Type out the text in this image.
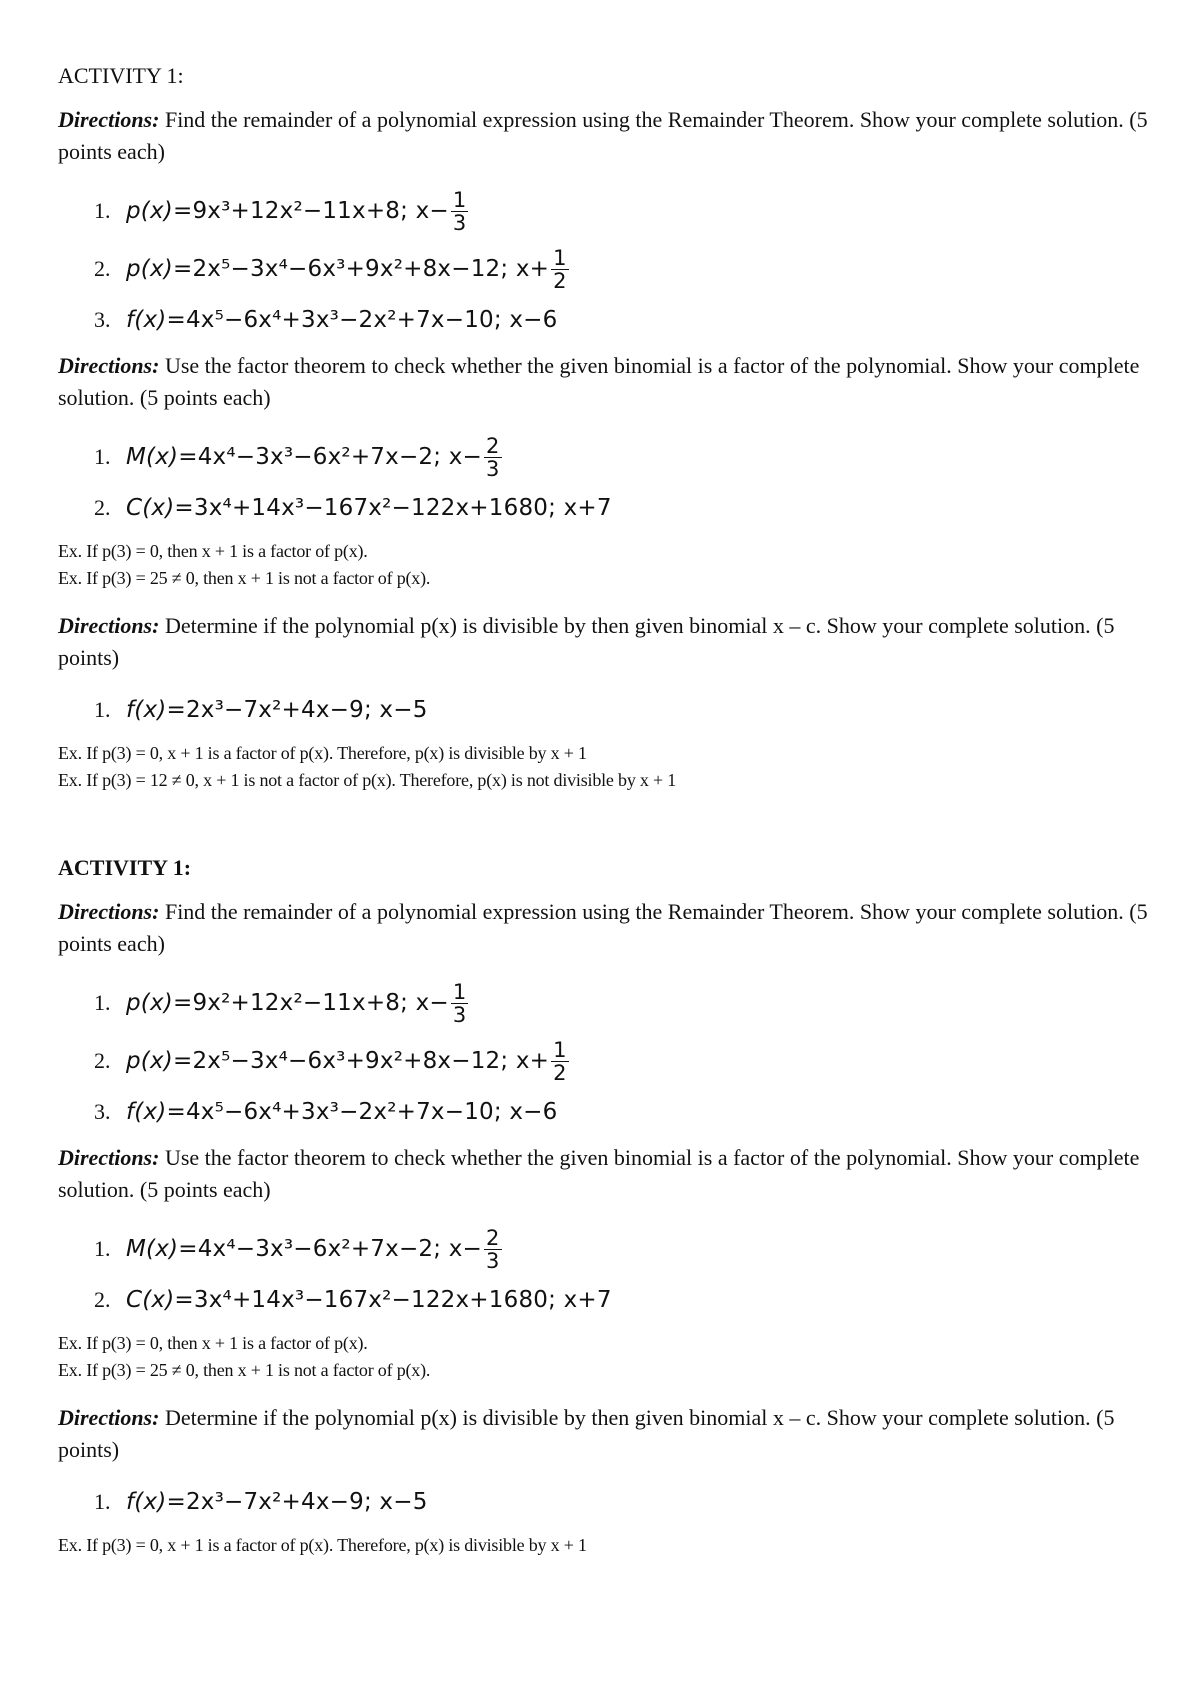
ACTIVITY 1:

Directions: Find the remainder of a polynomial expression using the Remainder Theorem. Show your complete solution. (5 points each)

1. p(x)=9x³+12x²−11x+8; $x- \frac{1}{3}$
2. p(x)=2x⁵−3x⁴−6x³+9x²+8x−12; $x+ \frac{1}{2}$
3. f(x)=4x⁵−6x⁴+3x³−2x²+7x−10; x−6

Directions: Use the factor theorem to check whether the given binomial is a factor of the polynomial. Show your complete solution. (5 points each)

1. M(x)=4x⁴−3x³−6x²+7x−2; $x- \frac{2}{3}$
2. C(x)=3x⁴+14x³−167x²−122x+1680; x+7
Ex. If p(3) = 0, then x + 1 is a factor of p(x).
Ex. If p(3) = 25 ≠ 0, then x + 1 is not a factor of p(x).

Directions: Determine if the polynomial p(x) is divisible by then given binomial x – c. Show your complete solution. (5 points)

1. f(x)=2x³−7x²+4x−9; x−5
Ex. If p(3) = 0, x + 1 is a factor of p(x). Therefore, p(x) is divisible by x + 1
Ex. If p(3) = 12 ≠ 0, x + 1 is not a factor of p(x). Therefore, p(x) is not divisible by x + 1
ACTIVITY 1:

Directions: Find the remainder of a polynomial expression using the Remainder Theorem. Show your complete solution. (5 points each)

1. p(x)=9x²+12x²−11x+8; $x- \frac{1}{3}$
2. p(x)=2x⁵−3x⁴−6x³+9x²+8x−12; $x+ \frac{1}{2}$
3. f(x)=4x⁵−6x⁴+3x³−2x²+7x−10; x−6

Directions: Use the factor theorem to check whether the given binomial is a factor of the polynomial. Show your complete solution. (5 points each)

1. M(x)=4x⁴−3x³−6x²+7x−2; $x- \frac{2}{3}$
2. C(x)=3x⁴+14x³−167x²−122x+1680; x+7
Ex. If p(3) = 0, then x + 1 is a factor of p(x).
Ex. If p(3) = 25 ≠ 0, then x + 1 is not a factor of p(x).

Directions: Determine if the polynomial p(x) is divisible by then given binomial x – c. Show your complete solution. (5 points)

1. f(x)=2x³−7x²+4x−9; x−5
Ex. If p(3) = 0, x + 1 is a factor of p(x). Therefore, p(x) is divisible by x + 1
